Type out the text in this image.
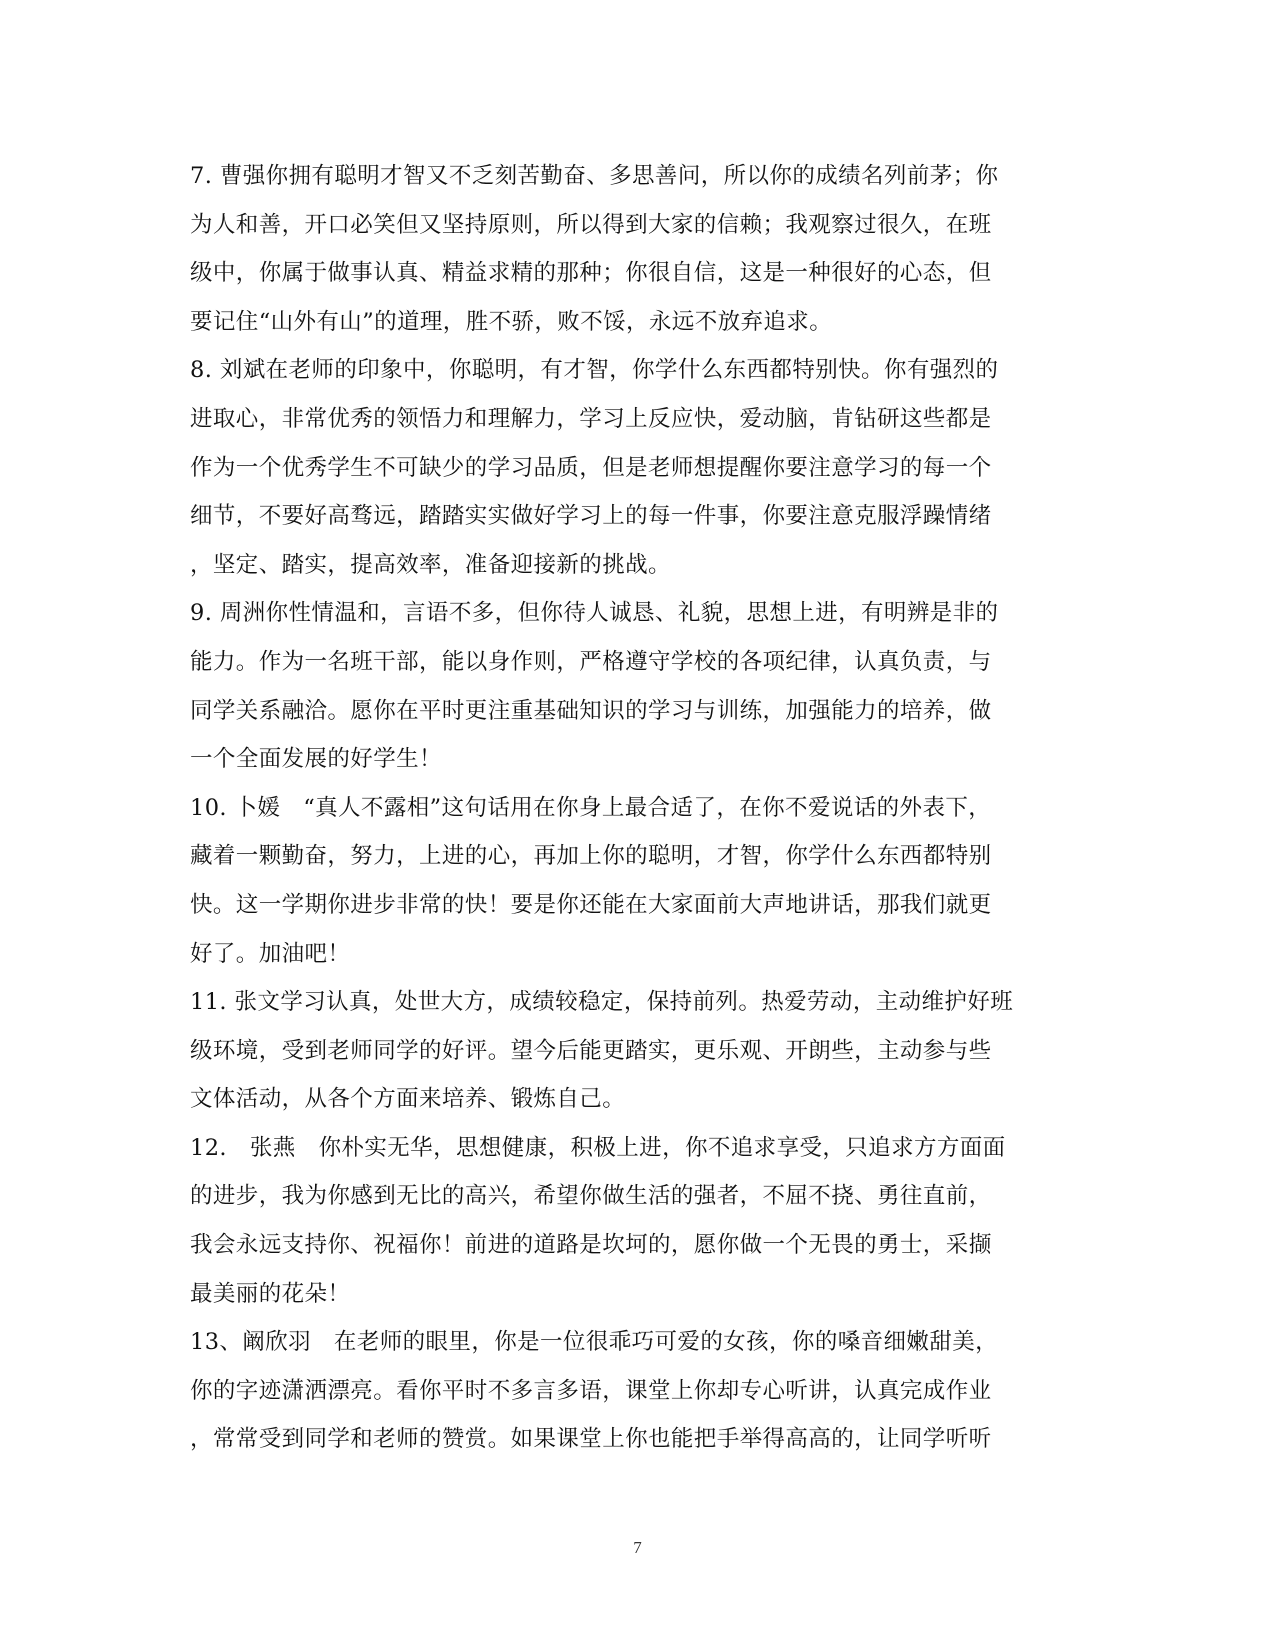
7. 曹强你拥有聪明才智又不乏刻苦勤奋、多思善问，所以你的成绩名列前茅；你
为人和善，开口必笑但又坚持原则，所以得到大家的信赖；我观察过很久，在班
级中，你属于做事认真、精益求精的那种；你很自信，这是一种很好的心态，但
要记住“山外有山”的道理，胜不骄，败不馁，永远不放弃追求。
8. 刘斌在老师的印象中，你聪明，有才智，你学什么东西都特别快。你有强烈的
进取心，非常优秀的领悟力和理解力，学习上反应快，爱动脑，肯钻研这些都是
作为一个优秀学生不可缺少的学习品质，但是老师想提醒你要注意学习的每一个
细节，不要好高骛远，踏踏实实做好学习上的每一件事，你要注意克服浮躁情绪
，坚定、踏实，提高效率，准备迎接新的挑战。
9. 周洲你性情温和，言语不多，但你待人诚恳、礼貌，思想上进，有明辨是非的
能力。作为一名班干部，能以身作则，严格遵守学校的各项纪律，认真负责，与
同学关系融洽。愿你在平时更注重基础知识的学习与训练，加强能力的培养，做
一个全面发展的好学生！
10. 卜媛　“真人不露相”这句话用在你身上最合适了，在你不爱说话的外表下，
藏着一颗勤奋，努力，上进的心，再加上你的聪明，才智，你学什么东西都特别
快。这一学期你进步非常的快！要是你还能在大家面前大声地讲话，那我们就更
好了。加油吧！
11. 张文学习认真，处世大方，成绩较稳定，保持前列。热爱劳动，主动维护好班
级环境，受到老师同学的好评。望今后能更踏实，更乐观、开朗些，主动参与些
文体活动，从各个方面来培养、锻炼自己。
12.　张燕　你朴实无华，思想健康，积极上进，你不追求享受，只追求方方面面
的进步，我为你感到无比的高兴，希望你做生活的强者，不屈不挠、勇往直前，
我会永远支持你、祝福你！前进的道路是坎坷的，愿你做一个无畏的勇士，采撷
最美丽的花朵！
13、阚欣羽　在老师的眼里，你是一位很乖巧可爱的女孩，你的嗓音细嫩甜美，
你的字迹潇洒漂亮。看你平时不多言多语，课堂上你却专心听讲，认真完成作业
，常常受到同学和老师的赞赏。如果课堂上你也能把手举得高高的，让同学听听
7
